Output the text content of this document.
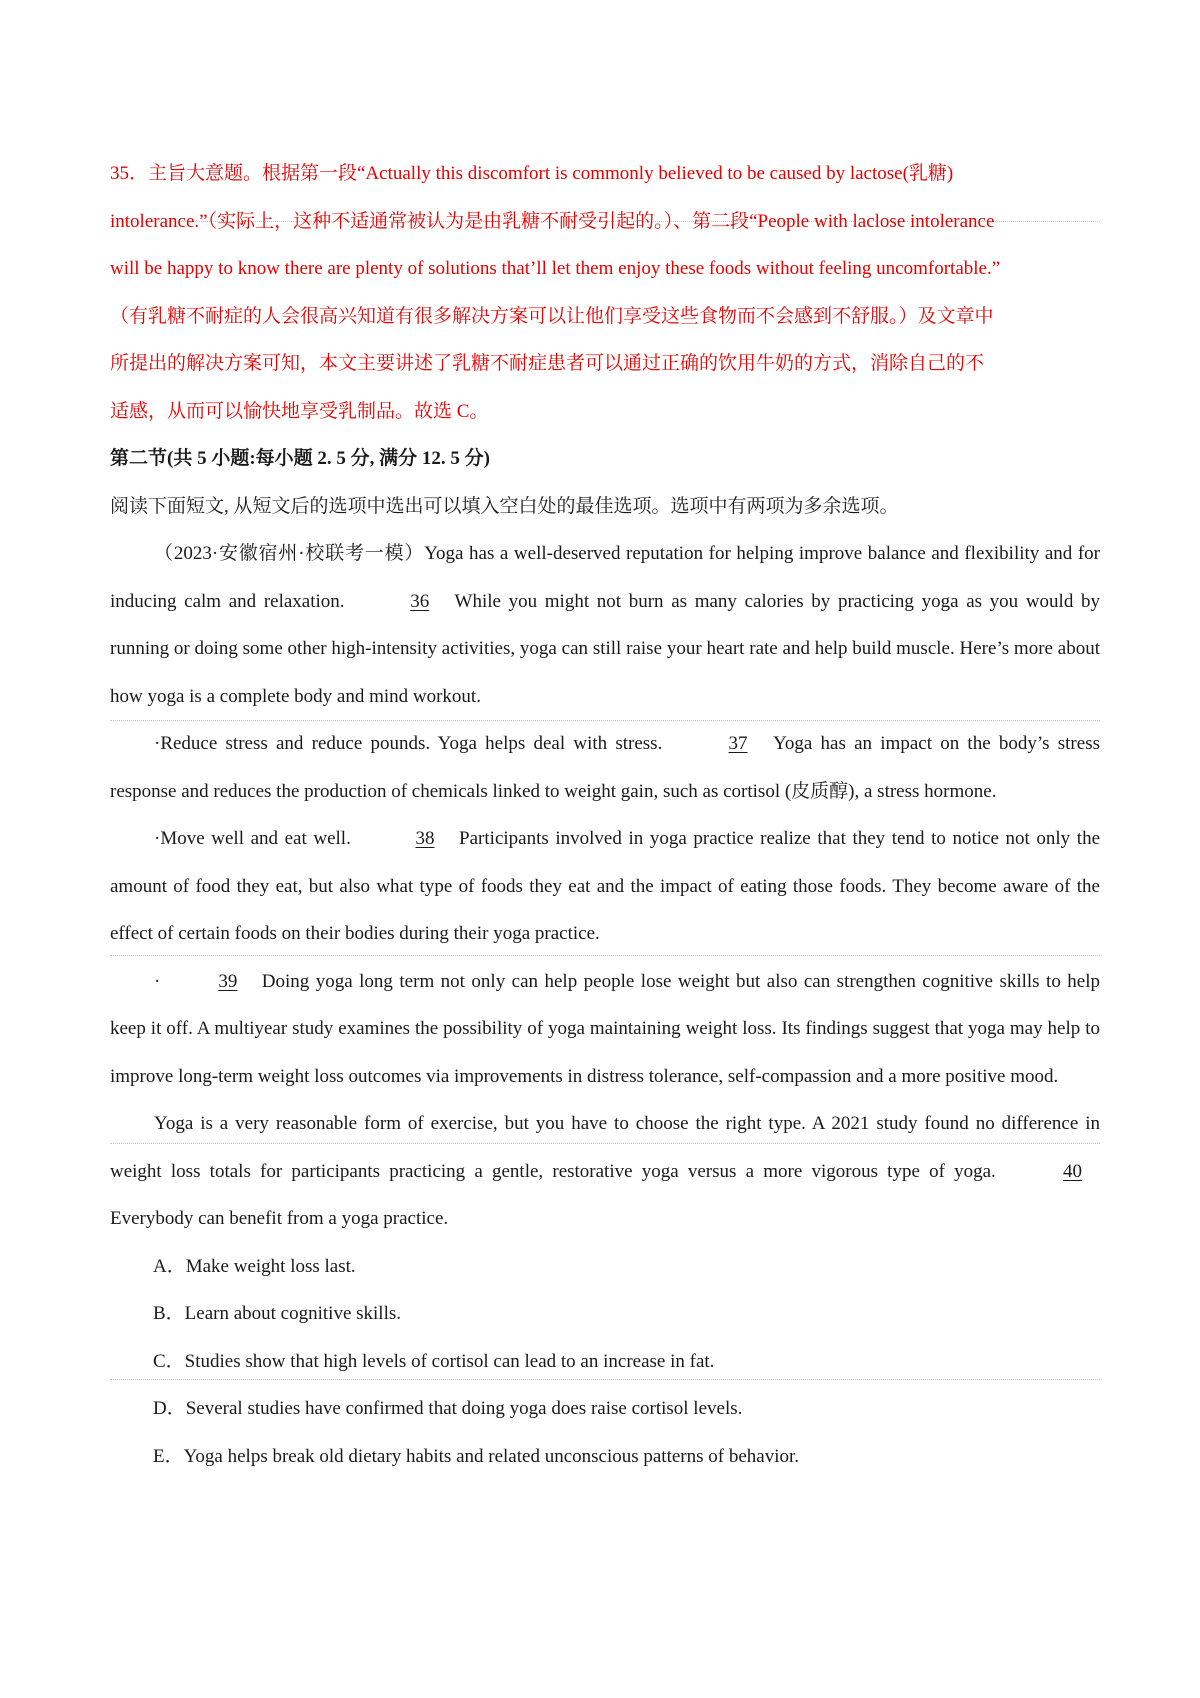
35．主旨大意题。根据第一段“Actually this discomfort is commonly believed to be caused by lactose(乳糖)

intolerance.”（实际上，这种不适通常被认为是由乳糖不耐受引起的。）、第二段“People with laclose intolerance

will be happy to know there are plenty of solutions that’ll let them enjoy these foods without feeling uncomfortable.”

（有乳糖不耐症的人会很高兴知道有很多解决方案可以让他们享受这些食物而不会感到不舒服。）及文章中

所提出的解决方案可知，本文主要讲述了乳糖不耐症患者可以通过正确的饮用牛奶的方式，消除自己的不

适感，从而可以愉快地享受乳制品。故选 C。

第二节(共 5 小题:每小题 2. 5 分, 满分 12. 5 分)

阅读下面短文, 从短文后的选项中选出可以填入空白处的最佳选项。选项中有两项为多余选项。

（2023·安徽宿州·校联考一模）Yoga has a well-deserved reputation for helping improve balance and flexibility and for inducing calm and relaxation.	36 While you might not burn as many calories by practicing yoga as you would by running or doing some other high-intensity activities, yoga can still raise your heart rate and help build muscle. Here’s more about how yoga is a complete body and mind workout.

·Reduce stress and reduce pounds. Yoga helps deal with stress.	37 Yoga has an impact on the body’s stress response and reduces the production of chemicals linked to weight gain, such as cortisol (皮质醇), a stress hormone.

·Move well and eat well.	38 Participants involved in yoga practice realize that they tend to notice not only the amount of food they eat, but also what type of foods they eat and the impact of eating those foods. They become aware of the effect of certain foods on their bodies during their yoga practice.

·	39 Doing yoga long term not only can help people lose weight but also can strengthen cognitive skills to help keep it off. A multiyear study examines the possibility of yoga maintaining weight loss. Its findings suggest that yoga may help to improve long-term weight loss outcomes via improvements in distress tolerance, self-compassion and a more positive mood.

Yoga is a very reasonable form of exercise, but you have to choose the right type. A 2021 study found no difference in weight loss totals for participants practicing a gentle, restorative yoga versus a more vigorous type of yoga.	40 Everybody can benefit from a yoga practice.

A．Make weight loss last.

B．Learn about cognitive skills.

C．Studies show that high levels of cortisol can lead to an increase in fat.

D．Several studies have confirmed that doing yoga does raise cortisol levels.

E．Yoga helps break old dietary habits and related unconscious patterns of behavior.
